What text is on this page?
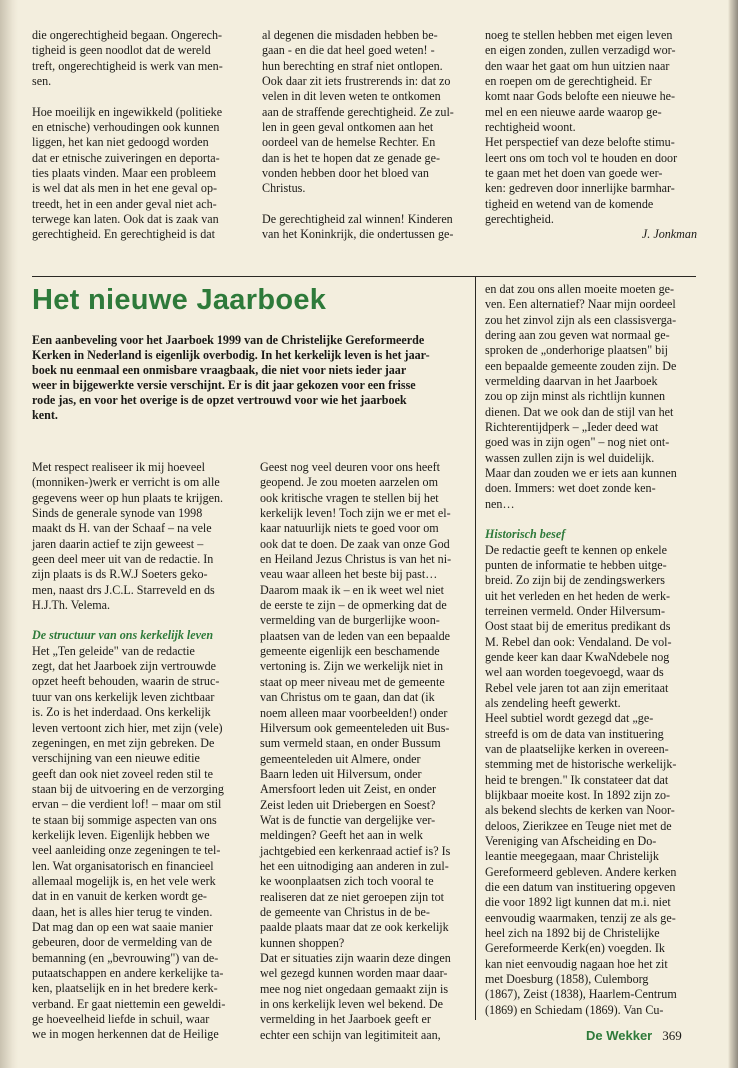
die ongerechtigheid begaan. Ongerech-
tigheid is geen noodlot dat de wereld
treft, ongerechtigheid is werk van men-
sen.

Hoe moeilijk en ingewikkeld (politieke
en etnische) verhoudingen ook kunnen
liggen, het kan niet gedoogd worden
dat er etnische zuiveringen en deporta-
ties plaats vinden. Maar een probleem
is wel dat als men in het ene geval op-
treedt, het in een ander geval niet ach-
terwege kan laten. Ook dat is zaak van
gerechtigheid. En gerechtigheid is dat
al degenen die misdaden hebben be-
gaan - en die dat heel goed weten! -
hun berechting en straf niet ontlopen.
Ook daar zit iets frustrerends in: dat zo
velen in dit leven weten te ontkomen
aan de straffende gerechtigheid. Ze zul-
len in geen geval ontkomen aan het
oordeel van de hemelse Rechter. En
dan is het te hopen dat ze genade ge-
vonden hebben door het bloed van
Christus.

De gerechtigheid zal winnen! Kinderen
van het Koninkrijk, die ondertussen ge-
noeg te stellen hebben met eigen leven
en eigen zonden, zullen verzadigd wor-
den waar het gaat om hun uitzien naar
en roepen om de gerechtigheid. Er
komt naar Gods belofte een nieuwe he-
mel en een nieuwe aarde waarop ge-
rechtigheid woont.
Het perspectief van deze belofte stimu-
leert ons om toch vol te houden en door
te gaan met het doen van goede wer-
ken: gedreven door innerlijke barmhar-
tigheid en wetend van de komende
gerechtigheid.

J. Jonkman

Het nieuwe Jaarboek
Een aanbeveling voor het Jaarboek 1999 van de Christelijke Gereformeerde
Kerken in Nederland is eigenlijk overbodig. In het kerkelijk leven is het jaar-
boek nu eenmaal een onmisbare vraagbaak, die niet voor niets ieder jaar
weer in bijgewerkte versie verschijnt. Er is dit jaar gekozen voor een frisse
rode jas, en voor het overige is de opzet vertrouwd voor wie het jaarboek
kent.
Met respect realiseer ik mij hoeveel
(monniken-)werk er verricht is om alle
gegevens weer op hun plaats te krijgen.
Sinds de generale synode van 1998
maakt ds H. van der Schaaf – na vele
jaren daarin actief te zijn geweest –
geen deel meer uit van de redactie. In
zijn plaats is ds R.W.J Soeters geko-
men, naast drs J.C.L. Starreveld en ds
H.J.Th. Velema.

De structuur van ons kerkelijk leven

Het „Ten geleide" van de redactie
zegt, dat het Jaarboek zijn vertrouwde
opzet heeft behouden, waarin de struc-
tuur van ons kerkelijk leven zichtbaar
is. Zo is het inderdaad. Ons kerkelijk
leven vertoont zich hier, met zijn (vele)
zegeningen, en met zijn gebreken. De
verschijning van een nieuwe editie
geeft dan ook niet zoveel reden stil te
staan bij de uitvoering en de verzorging
ervan – die verdient lof! – maar om stil
te staan bij sommige aspecten van ons
kerkelijk leven. Eigenlijk hebben we
veel aanleiding onze zegeningen te tel-
len. Wat organisatorisch en financieel
allemaal mogelijk is, en het vele werk
dat in en vanuit de kerken wordt ge-
daan, het is alles hier terug te vinden.
Dat mag dan op een wat saaie manier
gebeuren, door de vermelding van de
bemanning (en „bevrouwing") van de-
putaatschappen en andere kerkelijke ta-
ken, plaatselijk en in het bredere kerk-
verband. Er gaat niettemin een geweldi-
ge hoeveelheid liefde in schuil, waar
we in mogen herkennen dat de Heilige
Geest nog veel deuren voor ons heeft
geopend. Je zou moeten aarzelen om
ook kritische vragen te stellen bij het
kerkelijk leven! Toch zijn we er met el-
kaar natuurlijk niets te goed voor om
ook dat te doen. De zaak van onze God
en Heiland Jezus Christus is van het ni-
veau waar alleen het beste bij past…
Daarom maak ik – en ik weet wel niet
de eerste te zijn – de opmerking dat de
vermelding van de burgerlijke woon-
plaatsen van de leden van een bepaalde
gemeente eigenlijk een beschamende
vertoning is. Zijn we werkelijk niet in
staat op meer niveau met de gemeente
van Christus om te gaan, dan dat (ik
noem alleen maar voorbeelden!) onder
Hilversum ook gemeenteleden uit Bus-
sum vermeld staan, en onder Bussum
gemeenteleden uit Almere, onder
Baarn leden uit Hilversum, onder
Amersfoort leden uit Zeist, en onder
Zeist leden uit Driebergen en Soest?
Wat is de functie van dergelijke ver-
meldingen? Geeft het aan in welk
jachtgebied een kerkenraad actief is? Is
het een uitnodiging aan anderen in zul-
ke woonplaatsen zich toch vooral te
realiseren dat ze niet geroepen zijn tot
de gemeente van Christus in de be-
paalde plaats maar dat ze ook kerkelijk
kunnen shoppen?
Dat er situaties zijn waarin deze dingen
wel gezegd kunnen worden maar daar-
mee nog niet ongedaan gemaakt zijn is
in ons kerkelijk leven wel bekend. De
vermelding in het Jaarboek geeft er
echter een schijn van legitimiteit aan,
en dat zou ons allen moeite moeten ge-
ven. Een alternatief? Naar mijn oordeel
zou het zinvol zijn als een classisverga-
dering aan zou geven wat normaal ge-
sproken de „onderhorige plaatsen" bij
een bepaalde gemeente zouden zijn. De
vermelding daarvan in het Jaarboek
zou op zijn minst als richtlijn kunnen
dienen. Dat we ook dan de stijl van het
Richterentijdperk – „Ieder deed wat
goed was in zijn ogen" – nog niet ont-
wassen zullen zijn is wel duidelijk.
Maar dan zouden we er iets aan kunnen
doen. Immers: wet doet zonde ken-
nen…

Historisch besef

De redactie geeft te kennen op enkele
punten de informatie te hebben uitge-
breid. Zo zijn bij de zendingswerkers
uit het verleden en het heden de werk-
terreinen vermeld. Onder Hilversum-
Oost staat bij de emeritus predikant ds
M. Rebel dan ook: Vendaland. De vol-
gende keer kan daar KwaNdebele nog
wel aan worden toegevoegd, waar ds
Rebel vele jaren tot aan zijn emeritaat
als zendeling heeft gewerkt.
Heel subtiel wordt gezegd dat „ge-
streefd is om de data van instituering
van de plaatselijke kerken in overeen-
stemming met de historische werkelijk-
heid te brengen." Ik constateer dat dat
blijkbaar moeite kost. In 1892 zijn zo-
als bekend slechts de kerken van Noor-
deloos, Zierikzee en Teuge niet met de
Vereniging van Afscheiding en Do-
leantie meegegaan, maar Christelijk
Gereformeerd gebleven. Andere kerken
die een datum van instituering opgeven
die voor 1892 ligt kunnen dat m.i. niet
eenvoudig waarmaken, tenzij ze als ge-
heel zich na 1892 bij de Christelijke
Gereformeerde Kerk(en) voegden. Ik
kan niet eenvoudig nagaan hoe het zit
met Doesburg (1858), Culemborg
(1867), Zeist (1838), Haarlem-Centrum
(1869) en Schiedam (1869). Van Cu-
De Wekker 369
